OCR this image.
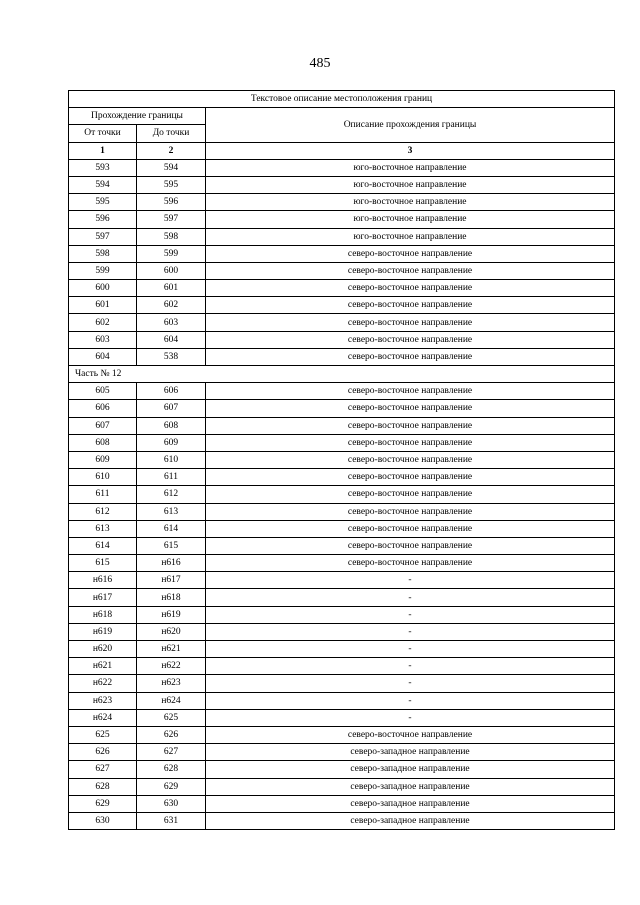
485
Текстовое описание местоположения границ		
Прохождение границы		Описание прохождения границы
От точки	До точки	
1	2	3
593	594	юго-восточное направление
594	595	юго-восточное направление
595	596	юго-восточное направление
596	597	юго-восточное направление
597	598	юго-восточное направление
598	599	северо-восточное направление
599	600	северо-восточное направление
600	601	северо-восточное направление
601	602	северо-восточное направление
602	603	северо-восточное направление
603	604	северо-восточное направление
604	538	северо-восточное направление
Часть № 12		
605	606	северо-восточное направление
606	607	северо-восточное направление
607	608	северо-восточное направление
608	609	северо-восточное направление
609	610	северо-восточное направление
610	611	северо-восточное направление
611	612	северо-восточное направление
612	613	северо-восточное направление
613	614	северо-восточное направление
614	615	северо-восточное направление
615	н616	северо-восточное направление
н616	н617	-
н617	н618	-
н618	н619	-
н619	н620	-
н620	н621	-
н621	н622	-
н622	н623	-
н623	н624	-
н624	625	-
625	626	северо-восточное направление
626	627	северо-западное направление
627	628	северо-западное направление
628	629	северо-западное направление
629	630	северо-западное направление
630	631	северо-западное направление
